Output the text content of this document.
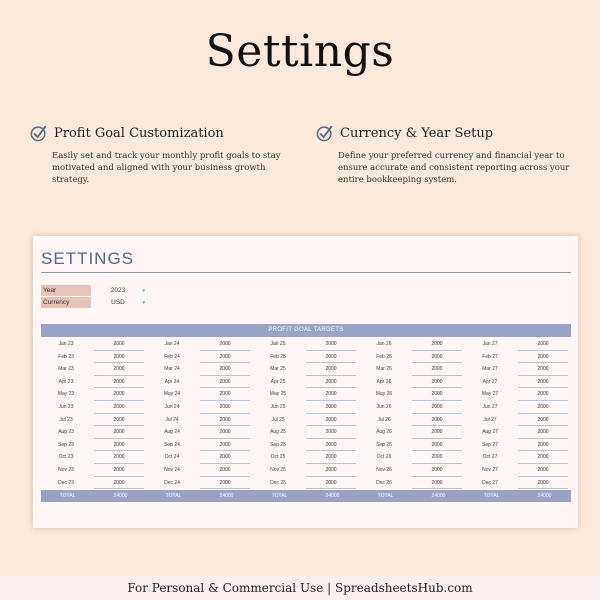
Settings
Profit Goal Customization
Easily set and track your monthly profit goals to stay motivated and aligned with your business growth strategy.
Currency & Year Setup
Define your preferred currency and financial year to ensure accurate and consistent reporting across your entire bookkeeping system.
SETTINGS
Year	2023	▾
Currency	USD	▾
PROFIT GOAL TARGETS
Jan 23	2000	Jan 24	2000	Jan 25	2000	Jan 26	2000	Jan 27	2000
Feb 23	2000	Feb 24	2000	Feb 25	2000	Feb 26	2000	Feb 27	2000
Mar 23	2000	Mar 24	2000	Mar 25	2000	Mar 26	2000	Mar 27	2000
Apr 23	2000	Apr 24	2000	Apr 25	2000	Apr 26	2000	Apr 27	2000
May 23	2000	May 24	2000	May 25	2000	May 26	2000	May 27	2000
Jun 23	2000	Jun 24	2000	Jun 25	2000	Jun 26	2000	Jun 27	2000
Jul 23	2000	Jul 24	2000	Jul 25	2000	Jul 26	2000	Jul 27	2000
Aug 23	2000	Aug 24	2000	Aug 25	2000	Aug 26	2000	Aug 27	2000
Sep 23	2000	Sep 24	2000	Sep 25	2000	Sep 26	2000	Sep 27	2000
Oct 23	2000	Oct 24	2000	Oct 25	2000	Oct 26	2000	Oct 27	2000
Nov 23	2000	Nov 24	2000	Nov 25	2000	Nov 26	2000	Nov 27	2000
Dec 23	2000	Dec 24	2000	Dec 25	2000	Dec 26	2000	Dec 27	2000
TOTAL	24000	TOTAL	24000	TOTAL	24000	TOTAL	24000	TOTAL	24000
For Personal & Commercial Use | SpreadsheetsHub.com
